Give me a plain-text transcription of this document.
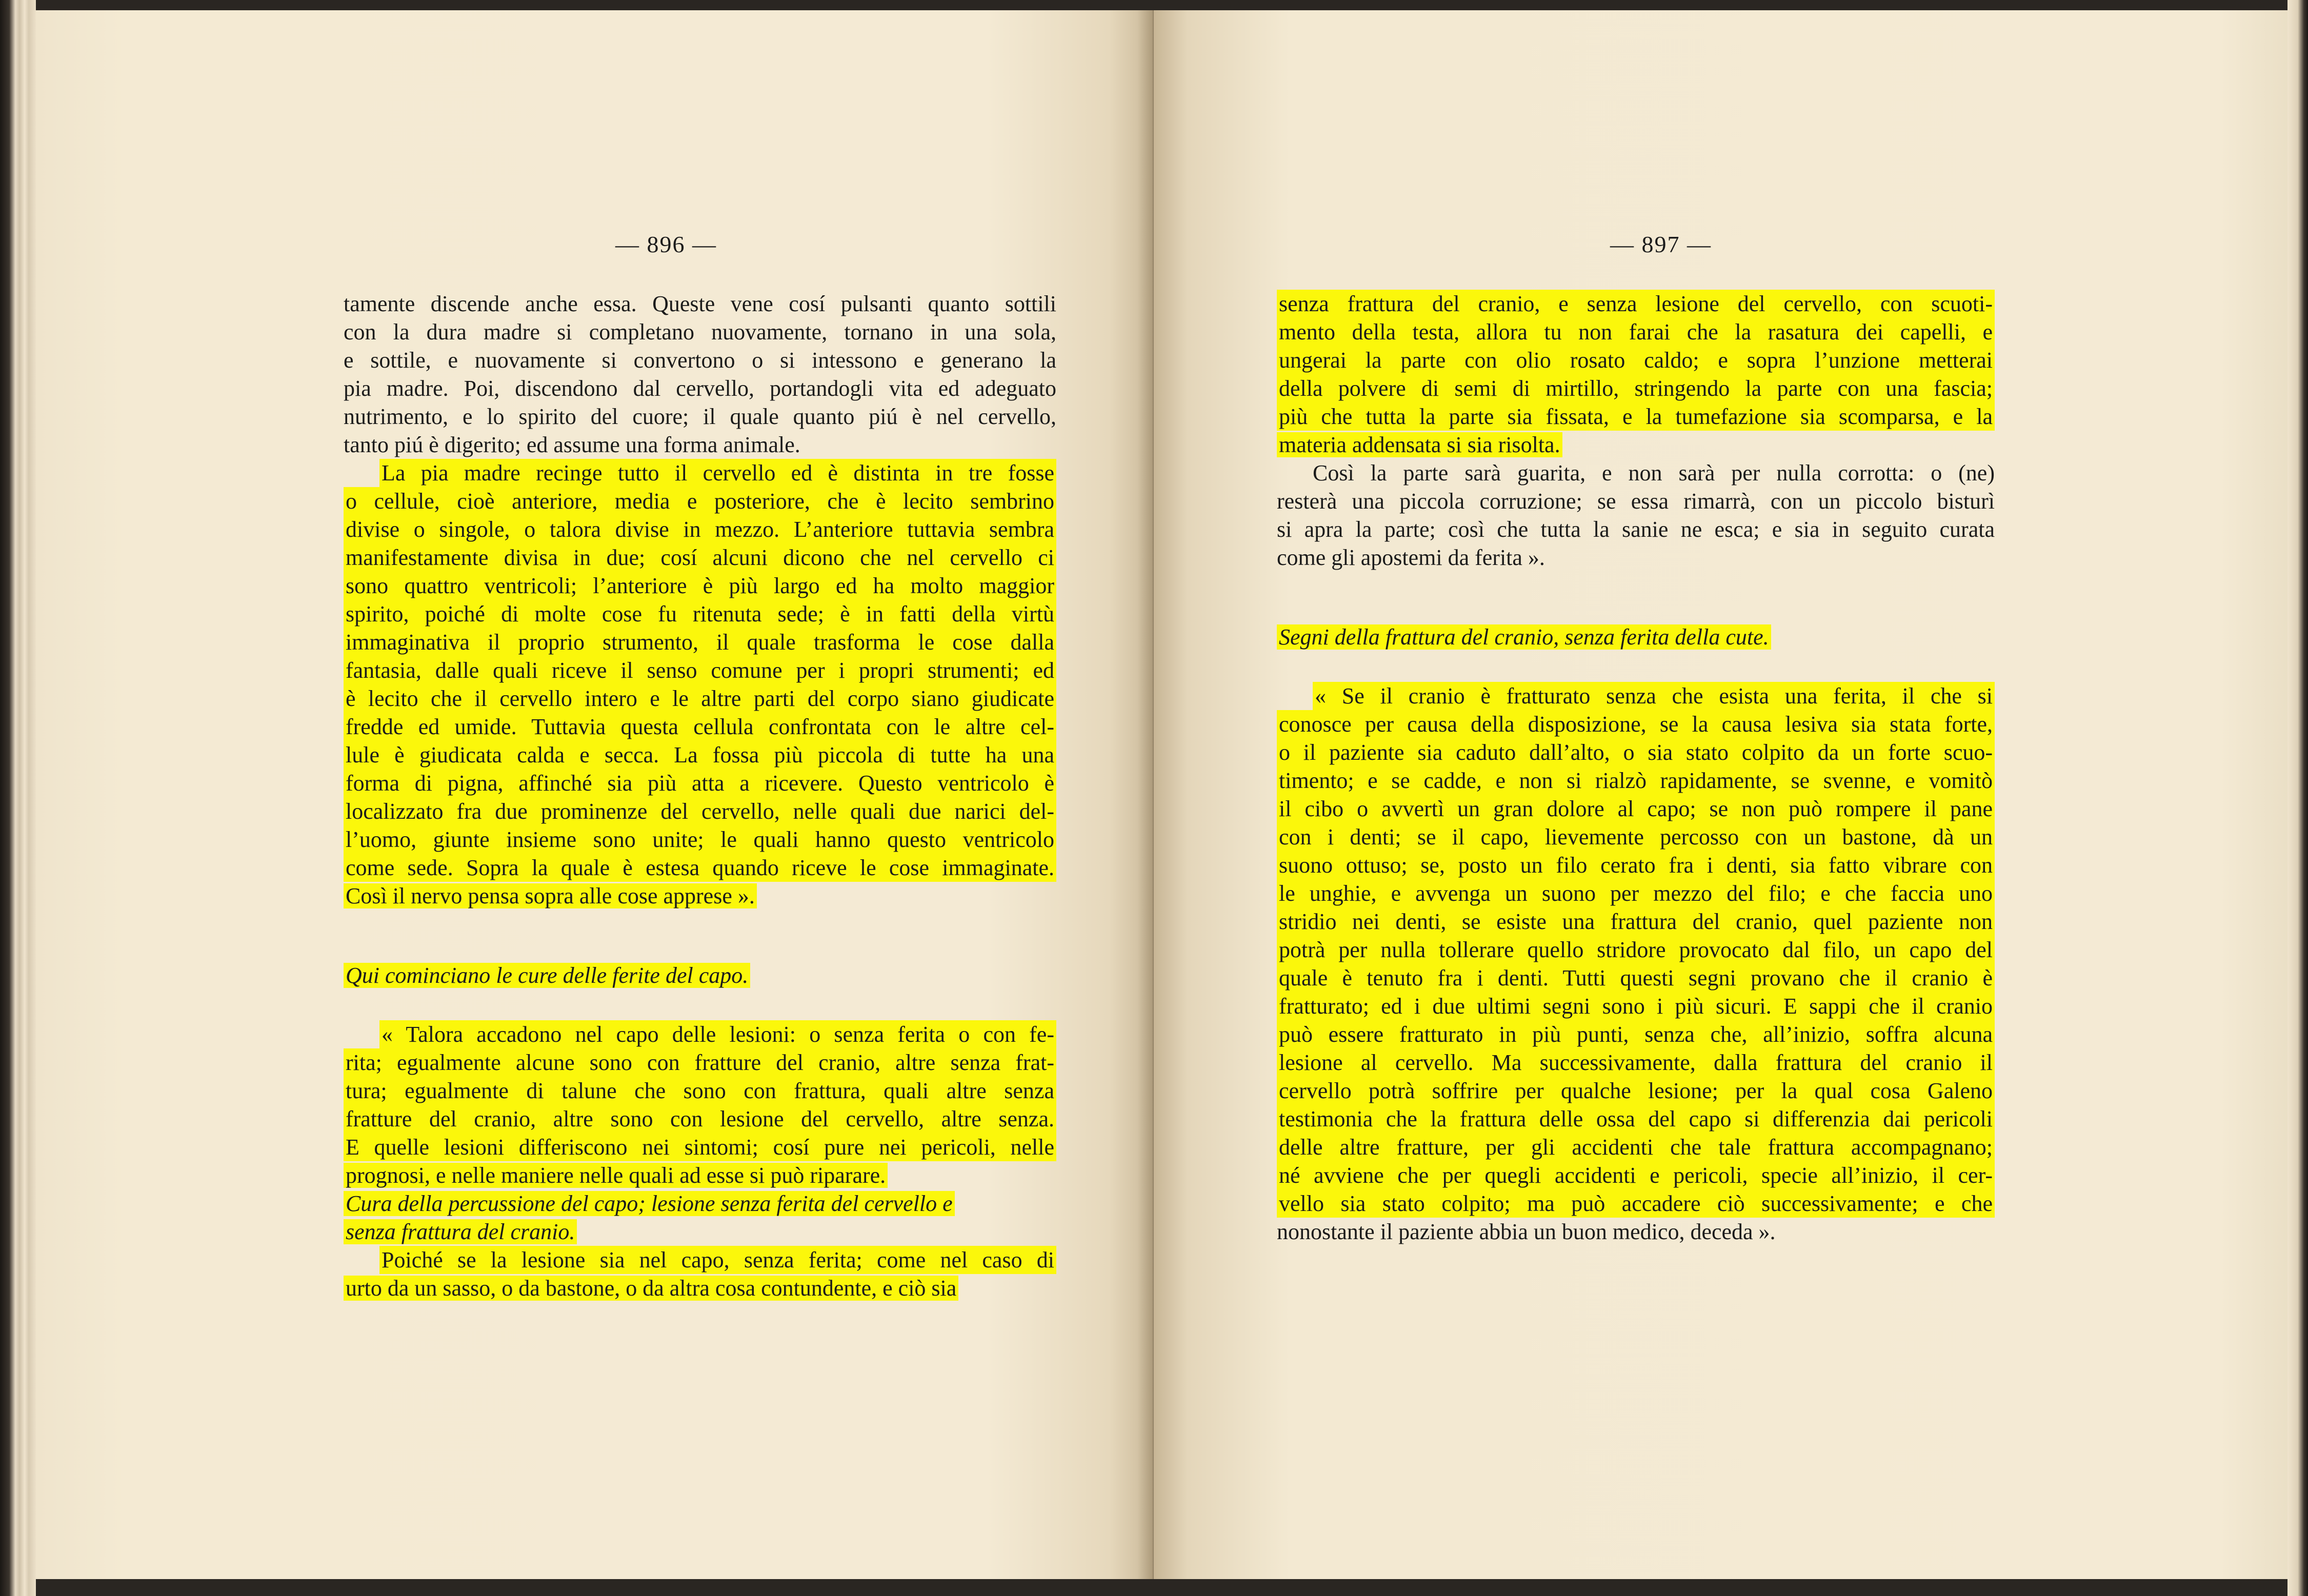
— 896 —
tamente discende anche essa. Queste vene cosí pulsanti quanto sottili
con la dura madre si completano nuovamente, tornano in una sola,
e sottile, e nuovamente si convertono o si intessono e generano la
pia madre. Poi, discendono dal cervello, portandogli vita ed adeguato
nutrimento, e lo spirito del cuore; il quale quanto piú è nel cervello,
tanto piú è digerito; ed assume una forma animale.
La pia madre recinge tutto il cervello ed è distinta in tre fosse
o cellule, cioè anteriore, media e posteriore, che è lecito sembrino
divise o singole, o talora divise in mezzo. L’anteriore tuttavia sembra
manifestamente divisa in due; cosí alcuni dicono che nel cervello ci
sono quattro ventricoli; l’anteriore è più largo ed ha molto maggior
spirito, poiché di molte cose fu ritenuta sede; è in fatti della virtù
immaginativa il proprio strumento, il quale trasforma le cose dalla
fantasia, dalle quali riceve il senso comune per i propri strumenti; ed
è lecito che il cervello intero e le altre parti del corpo siano giudicate
fredde ed umide. Tuttavia questa cellula confrontata con le altre cel-
lule è giudicata calda e secca. La fossa più piccola di tutte ha una
forma di pigna, affinché sia più atta a ricevere. Questo ventricolo è
localizzato fra due prominenze del cervello, nelle quali due narici del-
l’uomo, giunte insieme sono unite; le quali hanno questo ventricolo
come sede. Sopra la quale è estesa quando riceve le cose immaginate.
Così il nervo pensa sopra alle cose apprese ».
Qui cominciano le cure delle ferite del capo.
« Talora accadono nel capo delle lesioni: o senza ferita o con fe-
rita; egualmente alcune sono con fratture del cranio, altre senza frat-
tura; egualmente di talune che sono con frattura, quali altre senza
fratture del cranio, altre sono con lesione del cervello, altre senza.
E quelle lesioni differiscono nei sintomi; cosí pure nei pericoli, nelle
prognosi, e nelle maniere nelle quali ad esse si può riparare.
Cura della percussione del capo; lesione senza ferita del cervello e
senza frattura del cranio.
Poiché se la lesione sia nel capo, senza ferita; come nel caso di
urto da un sasso, o da bastone, o da altra cosa contundente, e ciò sia
— 897 —
senza frattura del cranio, e senza lesione del cervello, con scuoti-
mento della testa, allora tu non farai che la rasatura dei capelli, e
ungerai la parte con olio rosato caldo; e sopra l’unzione metterai
della polvere di semi di mirtillo, stringendo la parte con una fascia;
più che tutta la parte sia fissata, e la tumefazione sia scomparsa, e la
materia addensata si sia risolta.
Così la parte sarà guarita, e non sarà per nulla corrotta: o (ne)
resterà una piccola corruzione; se essa rimarrà, con un piccolo bisturì
si apra la parte; così che tutta la sanie ne esca; e sia in seguito curata
come gli apostemi da ferita ».
Segni della frattura del cranio, senza ferita della cute.
« Se il cranio è fratturato senza che esista una ferita, il che si
conosce per causa della disposizione, se la causa lesiva sia stata forte,
o il paziente sia caduto dall’alto, o sia stato colpito da un forte scuo-
timento; e se cadde, e non si rialzò rapidamente, se svenne, e vomitò
il cibo o avvertì un gran dolore al capo; se non può rompere il pane
con i denti; se il capo, lievemente percosso con un bastone, dà un
suono ottuso; se, posto un filo cerato fra i denti, sia fatto vibrare con
le unghie, e avvenga un suono per mezzo del filo; e che faccia uno
stridio nei denti, se esiste una frattura del cranio, quel paziente non
potrà per nulla tollerare quello stridore provocato dal filo, un capo del
quale è tenuto fra i denti. Tutti questi segni provano che il cranio è
fratturato; ed i due ultimi segni sono i più sicuri. E sappi che il cranio
può essere fratturato in più punti, senza che, all’inizio, soffra alcuna
lesione al cervello. Ma successivamente, dalla frattura del cranio il
cervello potrà soffrire per qualche lesione; per la qual cosa Galeno
testimonia che la frattura delle ossa del capo si differenzia dai pericoli
delle altre fratture, per gli accidenti che tale frattura accompagnano;
né avviene che per quegli accidenti e pericoli, specie all’inizio, il cer-
vello sia stato colpito; ma può accadere ciò successivamente; e che
nonostante il paziente abbia un buon medico, deceda ».
